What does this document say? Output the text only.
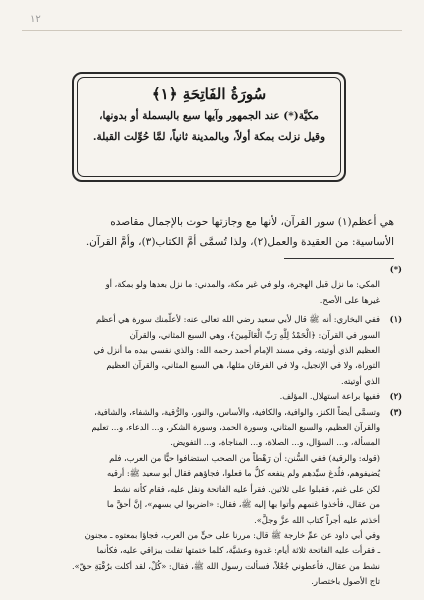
١٢
سُورَةُ الفَاتِحَةِ ﴿١﴾
مكيَّة(*) عند الجمهور وآيها سبع بالبسملة أو بدونها،
وقيل نزلت بمكة أولاً، وبالمدينة ثانياً، لمَّا حُوِّلت القبلة.

هي أعظم(١) سور القرآن، لأنها مع وجازتها حوت بالإجمال مقاصده

الأساسية: من العقيدة والعمل(٢)، ولذا تُسمَّى أمَّ الكتاب(٣)، وأمَّ القرآن.

(*)
المكي: ما نزل قبل الهجرة، ولو في غير مكة، والمدني: ما نزل بعدها ولو بمكة، أو
غيرها على الأصح.
(١)ففي البخاري: أنه ﷺ قال لأبي سعيد رضي الله تعالى عنه: لأعلّمنك سورة هي أعظم
السور في القرآن: ﴿الْحَمْدُ لِلَّهِ رَبِّ الْعَالَمِينَ﴾، وهي السبع المثاني، والقرآن
العظيم الذي أوتيته، وفي مسند الإمام أحمد رحمه الله: والذي نفسي بيده ما أنزل في
التوراة، ولا في الإنجيل، ولا في الفرقان مثلها، هي السبع المثاني، والقرآن العظيم
الذي أوتيته.
(٢)ففيها براعة استهلال. المؤلف.
(٣)وتسمَّى أيضاً الكنز، والوافية، والكافية، والأساس، والنور، والرُّقية، والشفاء، والشافية،
والقرآن العظيم، والسبع المثاني، وسورة الحمد، وسورة الشكر، و... الدعاء، و... تعليم
المسألة، و... السؤال، و... الصلاة، و... المناجاة، و... التفويض.
(قوله: والرقية) ففي السُّنن: أن رَهْطاً من الصحب استضافوا حيًّا من العرب، فلم
يُضيفوهم، فلُدغ سيِّدهم ولم ينفعه كلُّ ما فعلوا، فجاؤهم فقال أبو سعيد ﷺ: أرقيه
لكن على غنم، فقبلوا على ثلاثين. فقرأ عليه الفاتحة ونفل عليه، فقام كأنه نشط
من عقال، فأخذوا غنمهم وأتوا بها إليه ﷺ، فقال: «اضربوا لي بسهم»، إنَّ أحقَّ ما
أخذتم عليه أجراً كتاب الله عزَّ وجلَّ».
وفي أبي داود عن عمِّ خارجة ﷺ قال: مررنا على حيٍّ من العرب، فجاؤا بمعتوه ـ مجنون
ـ فقرأت عليه الفاتحة ثلاثة أيام: غدوة وعشيَّة، كلما ختمتها تفلت ببزاقي عليه، فكأنما
نشط من عقال، فأعطوني جُعْلاً، فسألت رسول الله ﷺ، فقال: «كُلْ، لقد أكلت برُقْيَةِ حقّ».
تاج الأصول باختصار.
